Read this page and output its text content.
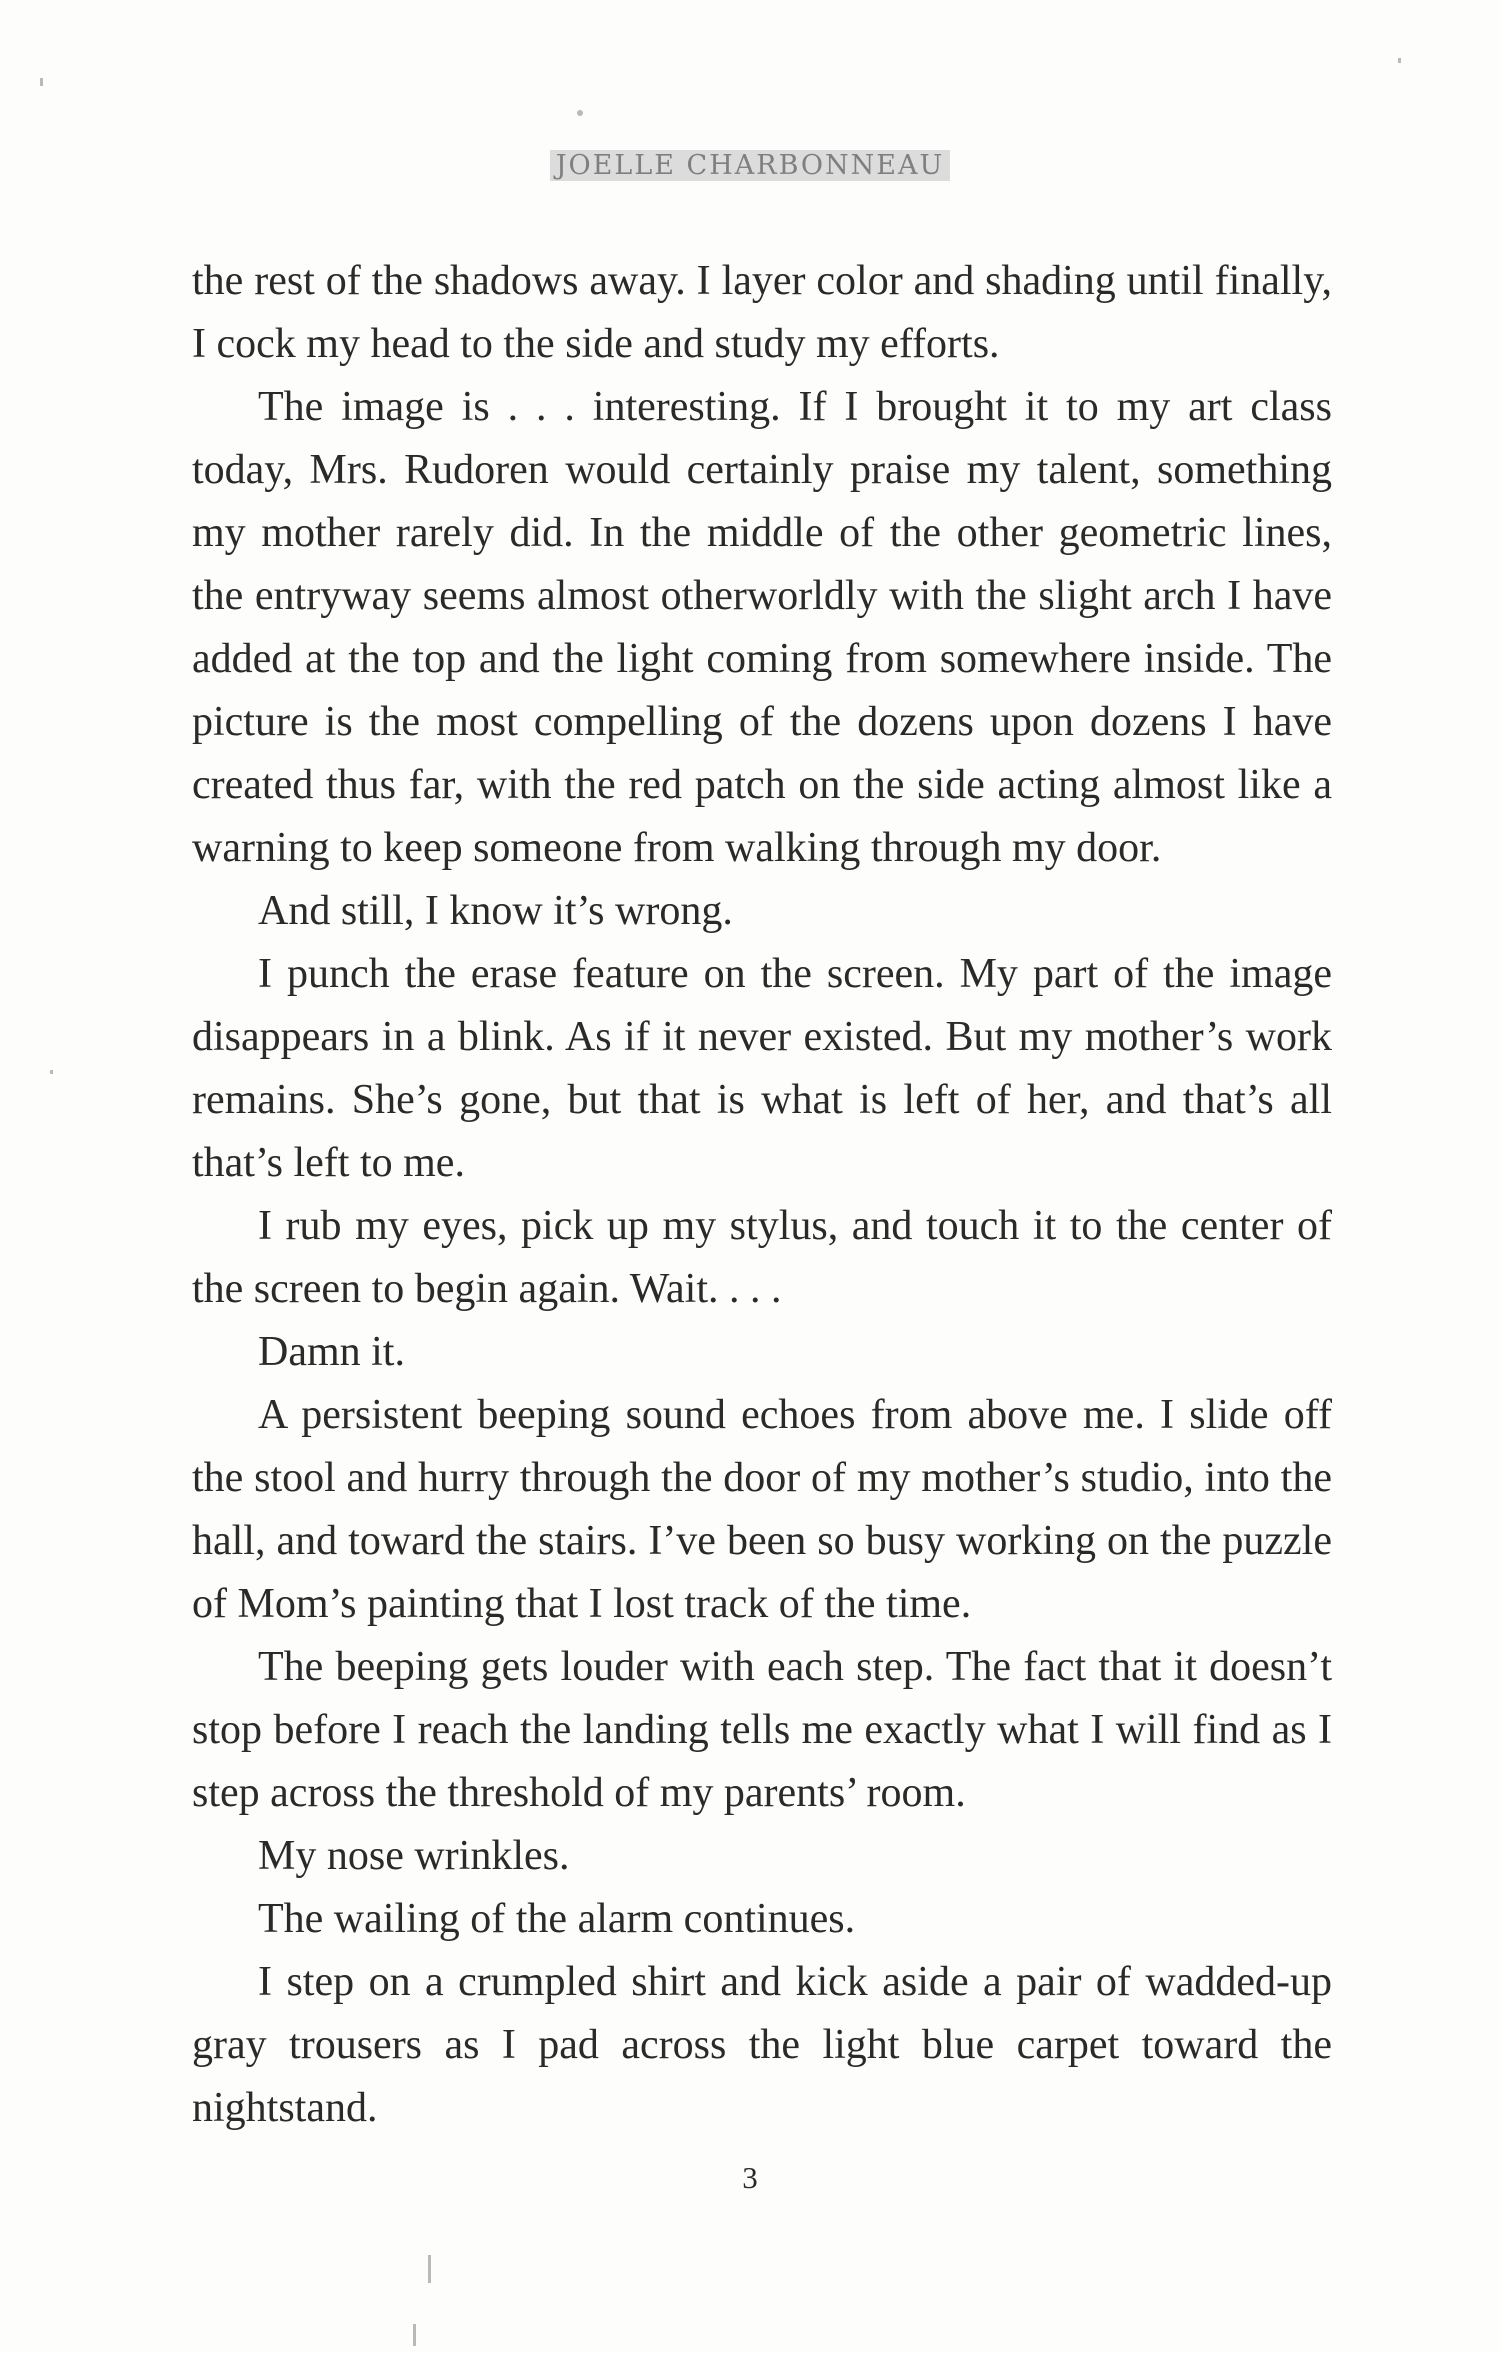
JOELLE CHARBONNEAU

the rest of the shadows away. I layer color and shading until finally, I cock my head to the side and study my efforts.

The image is . . . interesting. If I brought it to my art class today, Mrs. Rudoren would certainly praise my talent, something my mother rarely did. In the middle of the other geometric lines, the entryway seems almost otherworldly with the slight arch I have added at the top and the light coming from somewhere inside. The picture is the most compelling of the dozens upon dozens I have created thus far, with the red patch on the side acting almost like a warning to keep someone from walking through my door.

And still, I know it’s wrong.

I punch the erase feature on the screen. My part of the image disappears in a blink. As if it never existed. But my mother’s work remains. She’s gone, but that is what is left of her, and that’s all that’s left to me.

I rub my eyes, pick up my stylus, and touch it to the center of the screen to begin again. Wait. . . .

Damn it.

A persistent beeping sound echoes from above me. I slide off the stool and hurry through the door of my mother’s studio, into the hall, and toward the stairs. I’ve been so busy working on the puzzle of Mom’s painting that I lost track of the time.

The beeping gets louder with each step. The fact that it doesn’t stop before I reach the landing tells me exactly what I will find as I step across the threshold of my parents’ room.

My nose wrinkles.

The wailing of the alarm continues.

I step on a crumpled shirt and kick aside a pair of wadded-up gray trousers as I pad across the light blue carpet toward the nightstand.

3
